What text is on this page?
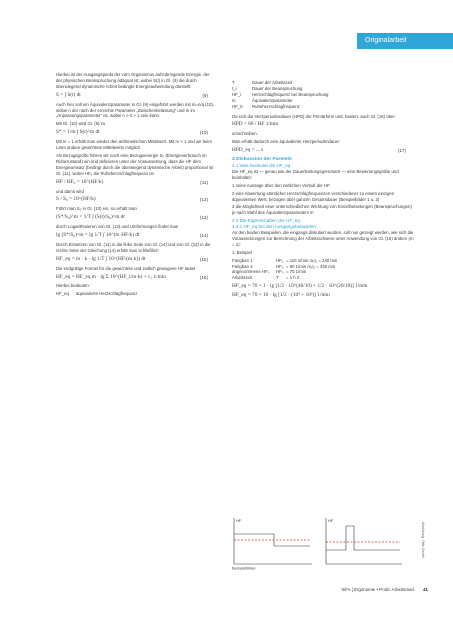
Originalarbeit

Hierbei ist der Ausgangspunkt der vom Organismus aufzubringende Energie, der der physischen Beanspruchung adäquat ist, wobei S(t) in Gl. (9) die durch überwiegend dynamische Arbeit bedingte Energieaufwendung darstellt:

S = ∫ S(t) dt	(9)

Auch hier soll ein Äquivalenzparameter in Gl. (9) eingeführt werden mit m=n/q (10), wobei n der nach der erreichte Parameter „Zwischenbelastung“ und m im „Anpassungsparameter“ ist, wobei n > 0 > 1 sein kann.

Mit Gl. (10) wird Gl. (9) zu

S* = 1/m ∫ S(t)^m dt	(10)

Mit m = 1 erhält man wieder den arithmetischen Mittelwert. Mit m > 1 und wir beim Lärm andere gewichtete Mittelwerte möglich.

Als Bezugsgröße führen wir noch eine Bezugsenergie S₀ (Energieverbrauch im Ruhezustand) ein und definieren unter der Voraussetzung, dass die HF dem Energieumsatz (bedingt durch die überwiegend dynamische Arbeit) proportional ist Gl. (11), wobei HF₀ die Ruheherzschlagfrequenz ist

HF / HF₀ = 10^(HF/k)	(11)

und damit wird

S / S₀ = 10^(HF/k)	(12)

Führt man S₀ in Gl. (10) ein, so erhält man

(S*/S₀)^m = 1/T ∫ (S(t)/S₀)^m dt	(13)

durch Logarithmieren von Gl. (13) und Umformungen findet man

lg (S*/S₀)^m = lg 1/T ∫ 10^(m·HF/k) dt	(14)

Durch Einsetzen von Gl. (11) in die linke Seite von Gl. (14) und von Gl. (12) in die rechte Seite der Gleichung (14) erhält man schließlich

HF_eq = m · k · lg 1/T ∫ 10^(HF/(m·k)) dt	(15)

Die endgültige Formel für die gewichtete und zeitlich gewogene HF lautet

HF_eq = HF_eq m · lg Σ 10^(HF_i/m·k) + c₁ 1/min	(16)

Hierbei bedeuten:

HF_eq	äquivalente Herzschlagfrequenz
T	Dauer der Arbeitszeit
t_i	Dauer der Beanspruchung
HF_i	Herzschlagfrequenz bei Beanspruchung
m	Äquivalenzparameter
HF_0	Ruheherzschlagfrequenz

Da sich die Herzperiodendauer (HPD) der Primärform und, basiert, auch Gl. (16) über

HPD = 60 / HF 1/min

umschreiben.

Man erhält dadurch eine äquivalente Herzperiodendauer

HPD_eq = ... s	(17)
4 Diskussion der Formeln
4.1 Was bedeutet die HF_eq

Die HF_eq ist — genau wie der Dauerleistungsgrenzwert — eine Bewertungsgröße und beinhaltet:

1 seine Aussage über den zeitlichen Verlauf der HF

2 eine Abwertung sämtlicher Herzschlagfrequenzen verschiedener zu einem einzigen äquivalenten Wert, bezogen über ganzen Gesamtdauer (Beispielbilder 1 u. 2)

3 die Möglichkeit einer unterschiedlichen Wichtung von Einzelbelastungen (Beanspruchungen) je nach Wahl des Äquivalenzparameters m

4.2 Die Eigenschaften der HF_eq
4.2.1 HF_eq bei den Ausgangsbeispielen:

An den beiden Beispielen, die eingangs diskutiert wurden, soll nun gezeigt werden, wie sich die Voraussetzungen zur Berechnung der Arbeitsschwere unter Anwendung von Gl. (16) ändern (m = 1):

1. Beispiel

Fangban 1	HF₁ = 110 1/min m₁t₁ = 240 min
Fangban 2	HF₂ = 90 1/min m₁t₁ = 240 min
angenommene HF₀	HF₀ = 70 1/min
Arbeitszeit	T	= 1 h 2
HF_eq = 70 + 1 · lg [1/2 · 10^(40/10) + 1/2 · 10^(20/10)] 1/min
HF_eq = 70 + 10 · lg [1/2 · (10⁴ + 10²)] 1/min
HF	HF
Beispielbilder
Abbildung: Otto Gerich
SiFA | Ergonomie • Probl. Arbeitsmed. 41
